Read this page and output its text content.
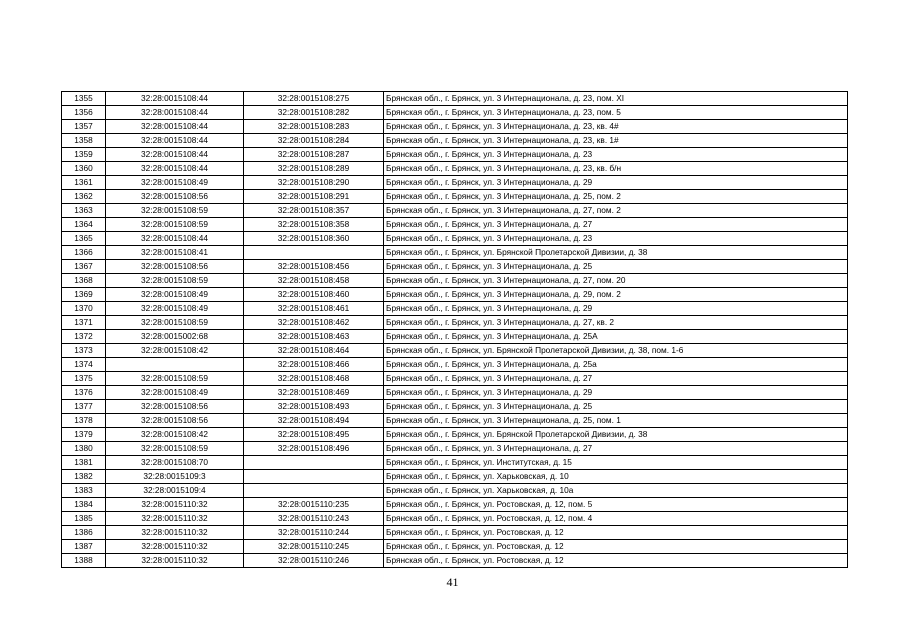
1355	32:28:0015108:44	32:28:0015108:275	Брянская обл., г. Брянск, ул. 3 Интернационала, д. 23, пом. XI
1356	32:28:0015108:44	32:28:0015108:282	Брянская обл., г. Брянск, ул. 3 Интернационала, д. 23, пом. 5
1357	32:28:0015108:44	32:28:0015108:283	Брянская обл., г. Брянск, ул. 3 Интернационала, д. 23, кв. 4#
1358	32:28:0015108:44	32:28:0015108:284	Брянская обл., г. Брянск, ул. 3 Интернационала, д. 23, кв. 1#
1359	32:28:0015108:44	32:28:0015108:287	Брянская обл., г. Брянск, ул. 3 Интернационала, д. 23
1360	32:28:0015108:44	32:28:0015108:289	Брянская обл., г. Брянск, ул. 3 Интернационала, д. 23, кв. б/н
1361	32:28:0015108:49	32:28:0015108:290	Брянская обл., г. Брянск, ул. 3 Интернационала, д. 29
1362	32:28:0015108:56	32:28:0015108:291	Брянская обл., г. Брянск, ул. 3 Интернационала, д. 25, пом. 2
1363	32:28:0015108:59	32:28:0015108:357	Брянская обл., г. Брянск, ул. 3 Интернационала, д. 27, пом. 2
1364	32:28:0015108:59	32:28:0015108:358	Брянская обл., г. Брянск, ул. 3 Интернационала, д. 27
1365	32:28:0015108:44	32:28:0015108:360	Брянская обл., г. Брянск, ул. 3 Интернационала, д. 23
1366	32:28:0015108:41		Брянская обл., г. Брянск, ул. Брянской Пролетарской Дивизии, д. 38
1367	32:28:0015108:56	32:28:0015108:456	Брянская обл., г. Брянск, ул. 3 Интернационала, д. 25
1368	32:28:0015108:59	32:28:0015108:458	Брянская обл., г. Брянск, ул. 3 Интернационала, д. 27, пом. 20
1369	32:28:0015108:49	32:28:0015108:460	Брянская обл., г. Брянск, ул. 3 Интернационала, д. 29, пом. 2
1370	32:28:0015108:49	32:28:0015108:461	Брянская обл., г. Брянск, ул. 3 Интернационала, д. 29
1371	32:28:0015108:59	32:28:0015108:462	Брянская обл., г. Брянск, ул. 3 Интернационала, д. 27, кв. 2
1372	32:28:0015002:68	32:28:0015108:463	Брянская обл., г. Брянск, ул. 3 Интернационала, д. 25А
1373	32:28:0015108:42	32:28:0015108:464	Брянская обл., г. Брянск, ул. Брянской Пролетарской Дивизии, д. 38, пом. 1-6
1374		32:28:0015108:466	Брянская обл., г. Брянск, ул. 3 Интернационала, д. 25а
1375	32:28:0015108:59	32:28:0015108:468	Брянская обл., г. Брянск, ул. 3 Интернационала, д. 27
1376	32:28:0015108:49	32:28:0015108:469	Брянская обл., г. Брянск, ул. 3 Интернационала, д. 29
1377	32:28:0015108:56	32:28:0015108:493	Брянская обл., г. Брянск, ул. 3 Интернационала, д. 25
1378	32:28:0015108:56	32:28:0015108:494	Брянская обл., г. Брянск, ул. 3 Интернационала, д. 25, пом. 1
1379	32:28:0015108:42	32:28:0015108:495	Брянская обл., г. Брянск, ул. Брянской Пролетарской Дивизии, д. 38
1380	32:28:0015108:59	32:28:0015108:496	Брянская обл., г. Брянск, ул. 3 Интернационала, д. 27
1381	32:28:0015108:70		Брянская обл., г. Брянск, ул. Институтская, д. 15
1382	32:28:0015109:3		Брянская обл., г. Брянск, ул. Харьковская, д. 10
1383	32:28:0015109:4		Брянская обл., г. Брянск, ул. Харьковская, д. 10а
1384	32:28:0015110:32	32:28:0015110:235	Брянская обл., г. Брянск, ул. Ростовская, д. 12, пом. 5
1385	32:28:0015110:32	32:28:0015110:243	Брянская обл., г. Брянск, ул. Ростовская, д. 12, пом. 4
1386	32:28:0015110:32	32:28:0015110:244	Брянская обл., г. Брянск, ул. Ростовская, д. 12
1387	32:28:0015110:32	32:28:0015110:245	Брянская обл., г. Брянск, ул. Ростовская, д. 12
1388	32:28:0015110:32	32:28:0015110:246	Брянская обл., г. Брянск, ул. Ростовская, д. 12
41
